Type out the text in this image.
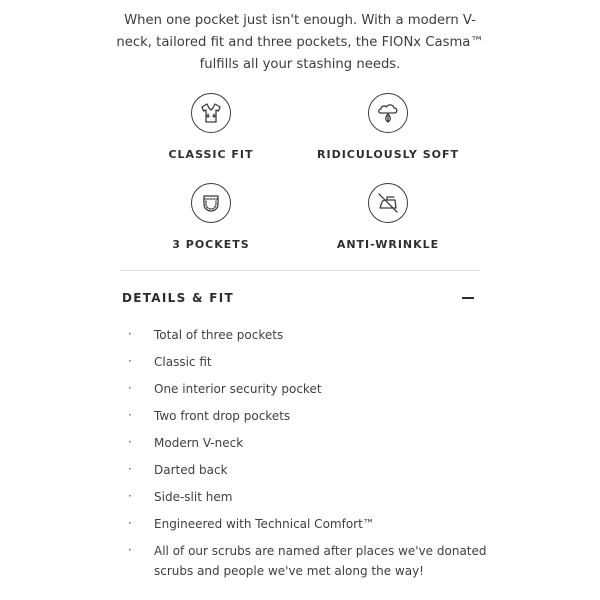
When one pocket just isn't enough. With a modern V-neck, tailored fit and three pockets, the FIONx Casma™ fulfills all your stashing needs.

CLASSIC FIT	RIDICULOUSLY SOFT
3 POCKETS	ANTI-WRINKLE
DETAILS & FIT
· Total of three pockets
· Classic fit
· One interior security pocket
· Two front drop pockets
· Modern V-neck
· Darted back
· Side-slit hem
· Engineered with Technical Comfort™
· All of our scrubs are named after places we've donated scrubs and people we've met along the way!
